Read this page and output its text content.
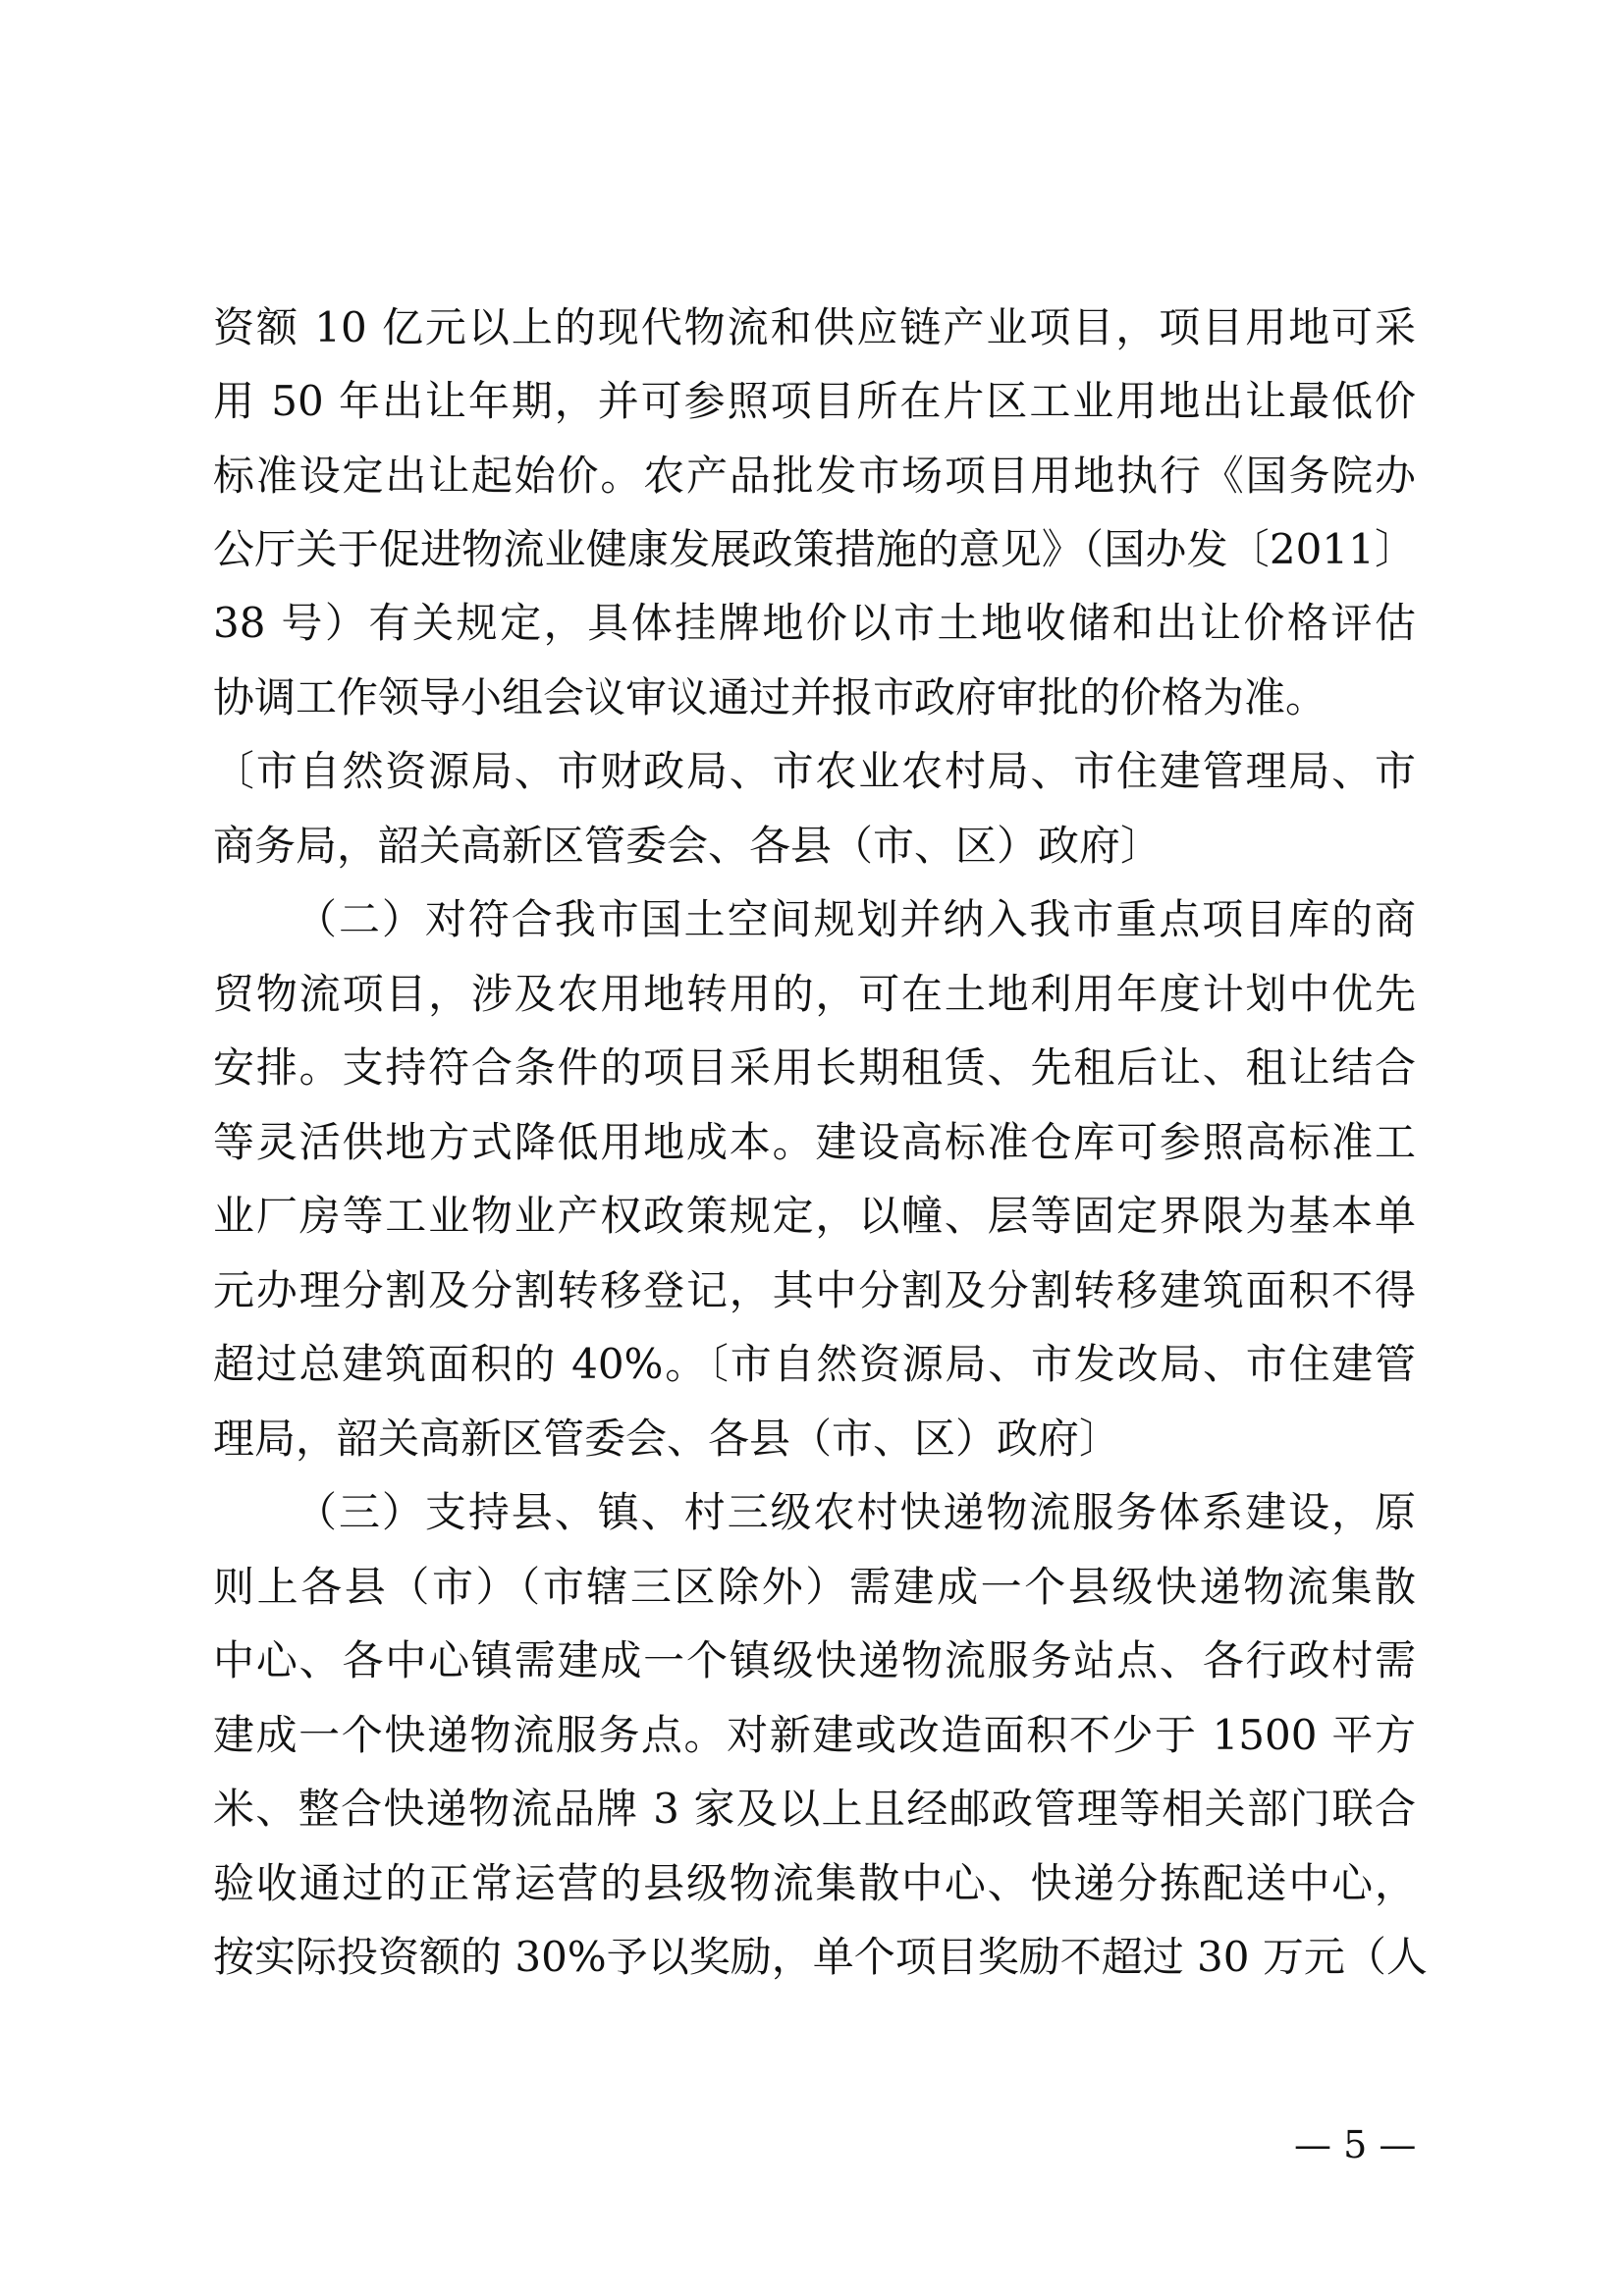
资额 10 亿元以上的现代物流和供应链产业项目，项目用地可采
用 50 年出让年期，并可参照项目所在片区工业用地出让最低价
标准设定出让起始价。农产品批发市场项目用地执行《国务院办
公厅关于促进物流业健康发展政策措施的意见》（国办发〔2011〕
38 号）有关规定，具体挂牌地价以市土地收储和出让价格评估
协调工作领导小组会议审议通过并报市政府审批的价格为准。
〔市自然资源局、市财政局、市农业农村局、市住建管理局、市
商务局，韶关高新区管委会、各县（市、区）政府〕
（二）对符合我市国土空间规划并纳入我市重点项目库的商
贸物流项目，涉及农用地转用的，可在土地利用年度计划中优先
安排。支持符合条件的项目采用长期租赁、先租后让、租让结合
等灵活供地方式降低用地成本。建设高标准仓库可参照高标准工
业厂房等工业物业产权政策规定，以幢、层等固定界限为基本单
元办理分割及分割转移登记，其中分割及分割转移建筑面积不得
超过总建筑面积的 40%。〔市自然资源局、市发改局、市住建管
理局，韶关高新区管委会、各县（市、区）政府〕
（三）支持县、镇、村三级农村快递物流服务体系建设，原
则上各县（市）（市辖三区除外）需建成一个县级快递物流集散
中心、各中心镇需建成一个镇级快递物流服务站点、各行政村需
建成一个快递物流服务点。对新建或改造面积不少于 1500 平方
米、整合快递物流品牌 3 家及以上且经邮政管理等相关部门联合
验收通过的正常运营的县级物流集散中心、快递分拣配送中心，
按实际投资额的 30%予以奖励，单个项目奖励不超过 30 万元（人
— 5 —
